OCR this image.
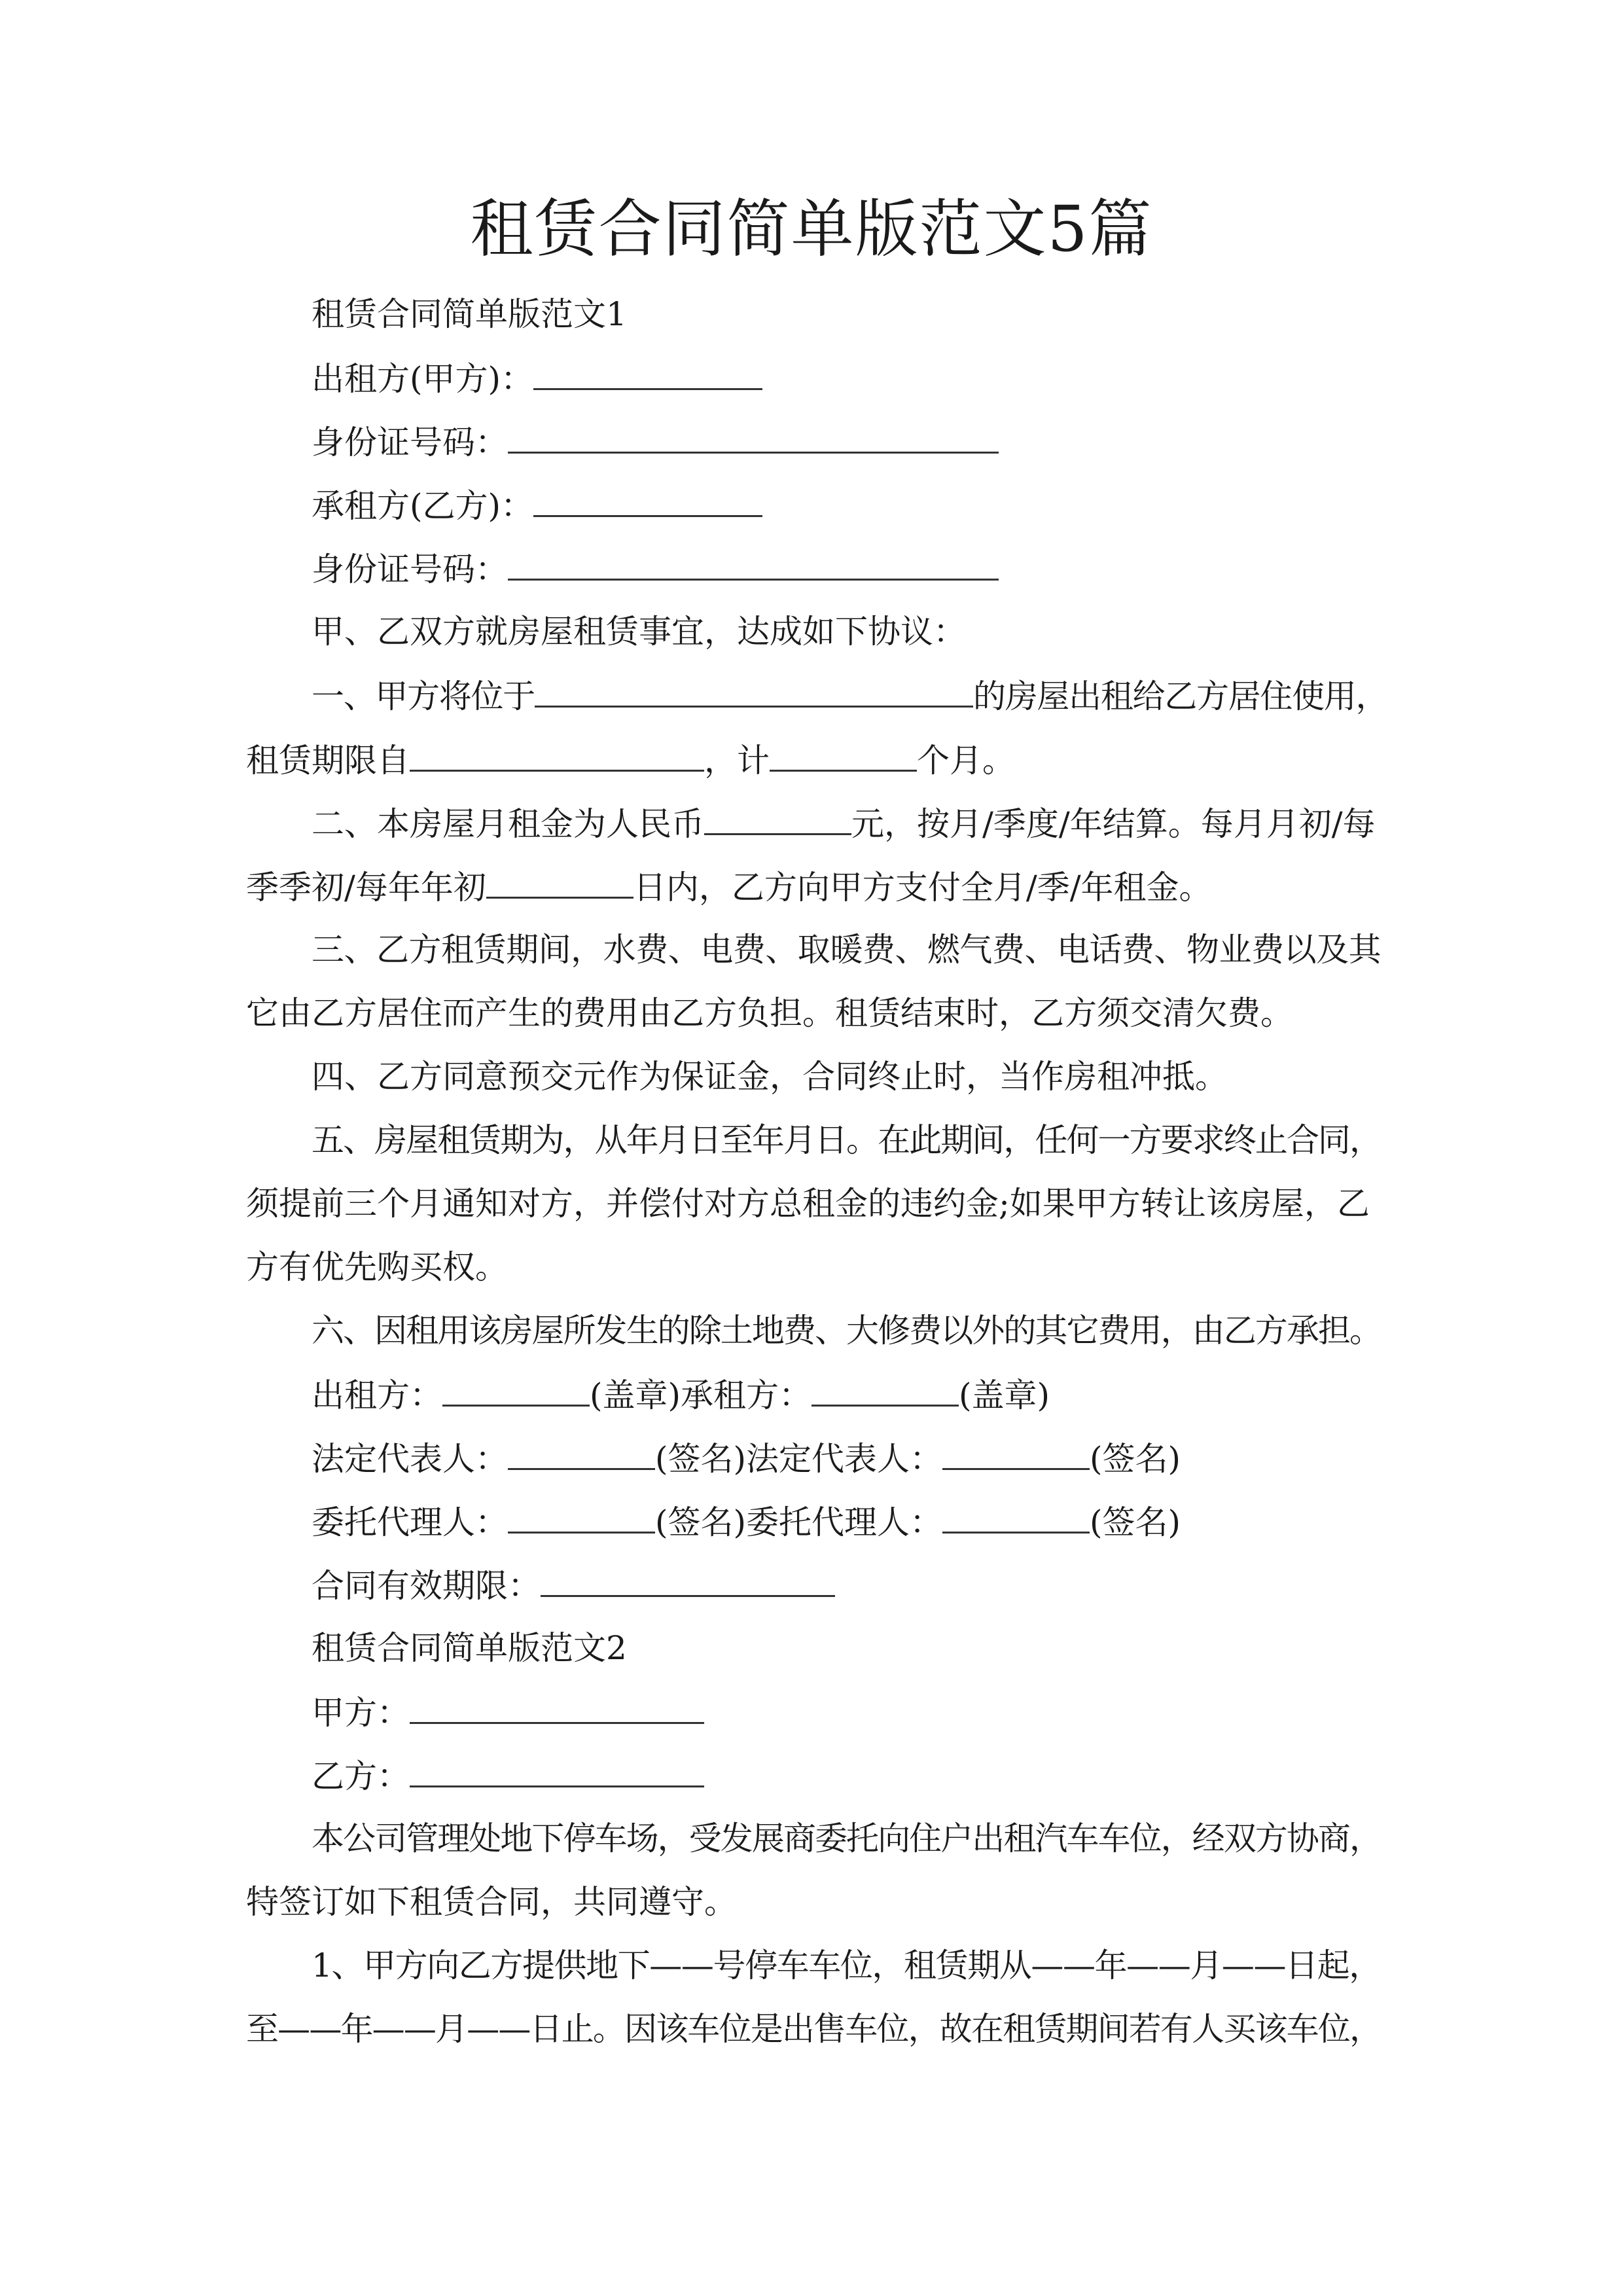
租赁合同简单版范文5篇
租赁合同简单版范文1
出租方(甲方)：
身份证号码：
承租方(乙方)：
身份证号码：
甲、乙双方就房屋租赁事宜，达成如下协议：
一、甲方将位于	的房屋出租给乙方居住使用，
租赁期限自	，计	个月。
二、本房屋月租金为人民币	元，按月/季度/年结算。每月月初/每
季季初/每年年初	日内，乙方向甲方支付全月/季/年租金。
三、乙方租赁期间，水费、电费、取暖费、燃气费、电话费、物业费以及其
它由乙方居住而产生的费用由乙方负担。租赁结束时，乙方须交清欠费。
四、乙方同意预交元作为保证金，合同终止时，当作房租冲抵。
五、房屋租赁期为，从年月日至年月日。在此期间，任何一方要求终止合同，
须提前三个月通知对方，并偿付对方总租金的违约金;如果甲方转让该房屋，乙
方有优先购买权。
六、因租用该房屋所发生的除土地费、大修费以外的其它费用，由乙方承担。
出租方：	(盖章)承租方：	(盖章)
法定代表人：	(签名)法定代表人：	(签名)
委托代理人：	(签名)委托代理人：	(签名)
合同有效期限：
租赁合同简单版范文2
甲方：
乙方：
本公司管理处地下停车场，受发展商委托向住户出租汽车车位，经双方协商，
特签订如下租赁合同，共同遵守。
1、甲方向乙方提供地下——号停车车位，租赁期从——年——月——日起，
至——年——月——日止。因该车位是出售车位，故在租赁期间若有人买该车位，
